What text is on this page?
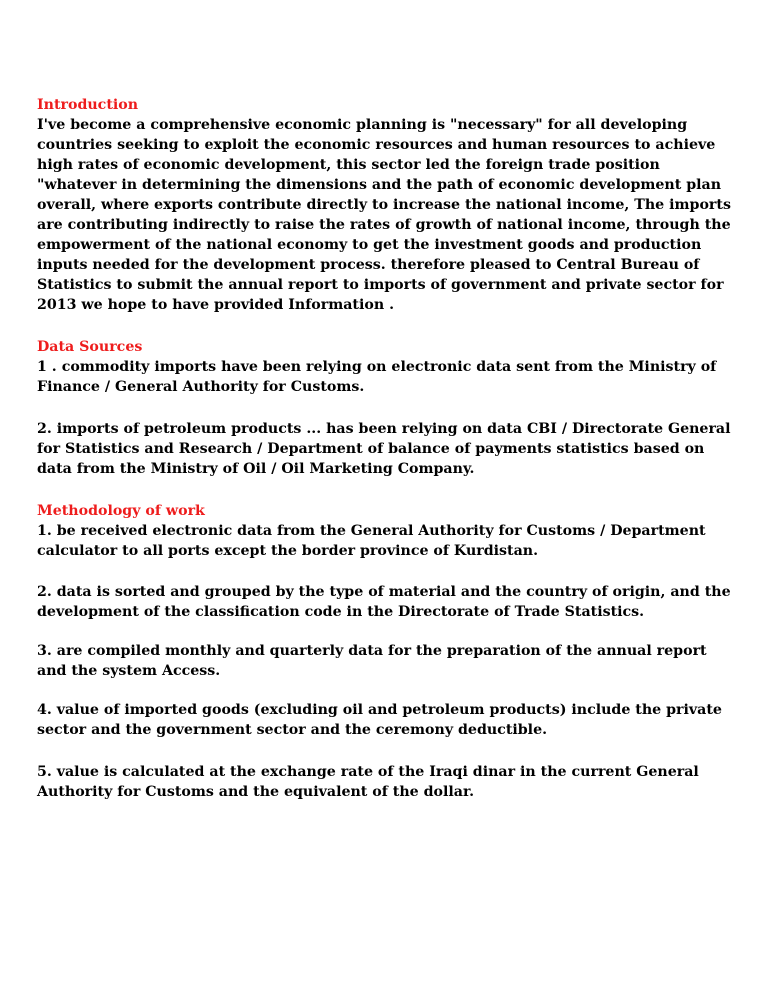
Introduction

I've become a comprehensive economic planning is "necessary" for all developing countries seeking to exploit the economic resources and human resources to achieve high rates of economic development, this sector led the foreign trade position "whatever in determining the dimensions and the path of economic development plan overall, where exports contribute directly to increase the national income, The imports are contributing indirectly to raise the rates of growth of national income, through the empowerment of the national economy to get the investment goods and production inputs needed for the development process. therefore pleased to Central Bureau of Statistics to submit the annual report to imports of government and private sector for 2013 we hope to have provided Information .

Data Sources

1 . commodity imports have been relying on electronic data sent from the Ministry of Finance / General Authority for Customs.

2. imports of petroleum products ... has been relying on data CBI / Directorate General for Statistics and Research / Department of balance of payments statistics based on data from the Ministry of Oil / Oil Marketing Company.

Methodology of work

1. be received electronic data from the General Authority for Customs / Department calculator to all ports except the border province of Kurdistan.

2. data is sorted and grouped by the type of material and the country of origin, and the development of the classification code in the Directorate of Trade Statistics.

3. are compiled monthly and quarterly data for the preparation of the annual report and the system Access.

4. value of imported goods (excluding oil and petroleum products) include the private sector and the government sector and the ceremony deductible.

5. value is calculated at the exchange rate of the Iraqi dinar in the current General Authority for Customs and the equivalent of the dollar.
